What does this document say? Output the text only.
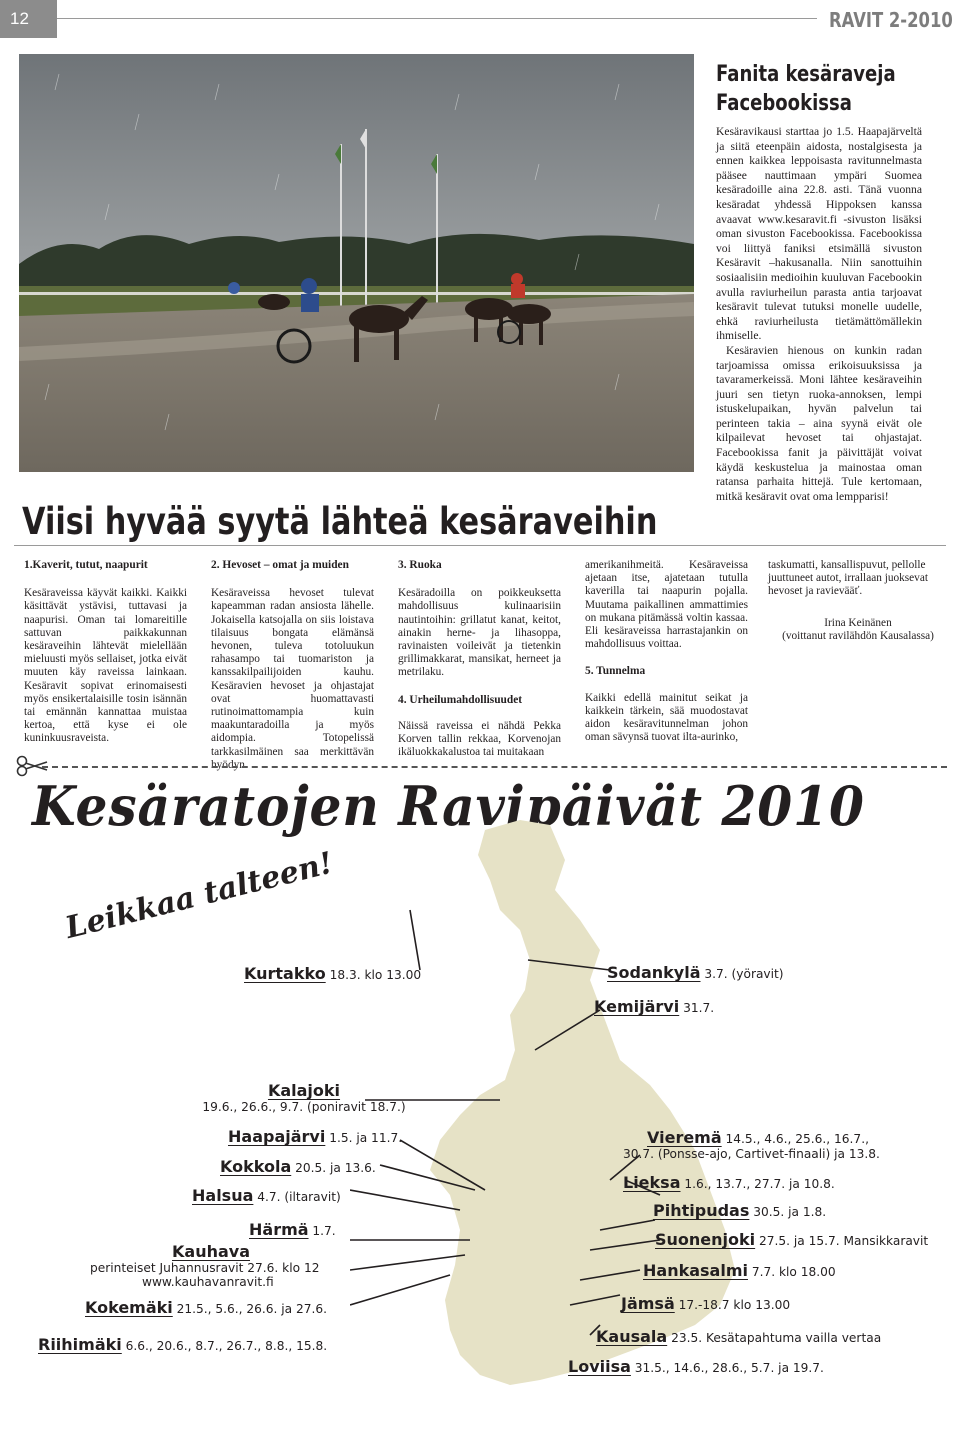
12	RAVIT 2-2010
Fanita kesäraveja
Facebookissa

Kesäravikausi starttaa jo 1.5. Haapajärveltä ja siitä eteenpäin aidosta, nostalgisesta ja ennen kaikkea leppoisasta ravitunnelmasta pääsee nauttimaan ympäri Suomea kesäradoille aina 22.8. asti. Tänä vuonna kesäradat yhdessä Hippoksen kanssa avaavat www.kesaravit.fi -sivuston lisäksi oman sivuston Facebookissa. Facebookissa voi liittyä faniksi etsimällä sivuston Kesäravit –hakusanalla. Niin sanottuihin sosiaalisiin medioihin kuuluvan Facebookin avulla raviurheilun parasta antia tarjoavat kesäravit tulevat tutuksi monelle uudelle, ehkä raviurheilusta tietämättömällekin ihmiselle.

Kesäravien hienous on kunkin radan tarjoamissa omissa erikoisuuksissa ja tavaramerkeissä. Moni lähtee kesäraveihin juuri sen tietyn ruoka-annoksen, lempi istuskelupaikan, hyvän palvelun tai perinteen takia – aina syynä eivät ole kilpailevat hevoset tai ohjastajat. Facebookissa fanit ja päivittäjät voivat käydä keskustelua ja mainostaa oman ratansa parhaita hittejä. Tule kertomaan, mitkä kesäravit ovat oma lempparisi!

Viisi hyvää syytä lähteä kesäraveihin
1.Kaverit, tutut, naapurit

Kesäraveissa käyvät kaikki. Kaikki käsittävät ystävisi, tuttavasi ja naapurisi. Oman tai lomareitille sattuvan paikkakunnan kesäraveihin lähtevät mielellään mieluusti myös sellaiset, jotka eivät muuten käy raveissa lainkaan. Kesäravit sopivat erinomaisesti myös ensikertalaisille tosin isännän tai emännän kannattaa muistaa kertoa, että kyse ei ole kuninkuusraveista.

2. Hevoset – omat ja muiden

Kesäraveissa hevoset tulevat kapeamman radan ansiosta lähelle. Jokaisella katsojalla on siis loistava tilaisuus bongata elämänsä hevonen, tuleva totoluukun rahasampo tai tuomariston ja kanssakilpailijoiden kauhu. Kesäravien hevoset ja ohjastajat ovat huomattavasti rutinoimattomampia kuin maakuntaradoilla ja myös aidompia. Totopelissä tarkkasilmäinen saa merkittävän hyödyn.

3. Ruoka

Kesäradoilla on poikkeuksetta mahdollisuus kulinaarisiin nautintoihin: grillatut kanat, keitot, ainakin herne- ja lihasoppa, ravinaisten voileivät ja tietenkin grillimakkarat, mansikat, herneet ja metrilaku.

4. Urheilumahdollisuudet

Näissä raveissa ei nähdä Pekka Korven tallin rekkaa, Korvenojan ikäluokkakalustoa tai muitakaan

amerikanihmeitä. Kesäraveissa ajetaan itse, ajatetaan tutulla kaverilla tai naapurin pojalla. Muutama paikallinen ammattimies on mukana pitämässä voltin kassaa. Eli kesäraveissa harrastajankin on mahdollisuus voittaa.

5. Tunnelma

Kaikki edellä mainitut seikat ja kaikkein tärkein, sää muodostavat aidon kesäravitunnelman johon oman sävynsä tuovat ilta-aurinko,

taskumatti, kansallispuvut, pellolle juuttuneet autot, irrallaan juoksevat hevoset ja ravievääť.

Irina Keinänen
(voittanut ravilähdön Kausalassa)
Kesäratojen Ravipäivät 2010
Leikkaa talteen!
Kurtakko 18.3. klo 13.00
Kalajoki
19.6., 26.6., 9.7. (poniravit 18.7.)
Haapajärvi 1.5. ja 11.7.
Kokkola 20.5. ja 13.6.
Halsua 4.7. (iltaravit)
Härmä 1.7.
Kauhava
perinteiset Juhannusravit 27.6. klo 12
www.kauhavanravit.fi
Kokemäki 21.5., 5.6., 26.6. ja 27.6.
Riihimäki 6.6., 20.6., 8.7., 26.7., 8.8., 15.8.
Sodankylä 3.7. (yöravit)
Kemijärvi 31.7.
Vieremä 14.5., 4.6., 25.6., 16.7.,
30.7. (Ponsse-ajo, Cartivet-finaali) ja 13.8.
Lieksa 1.6., 13.7., 27.7. ja 10.8.
Pihtipudas 30.5. ja 1.8.
Suonenjoki 27.5. ja 15.7. Mansikkaravit
Hankasalmi 7.7. klo 18.00
Jämsä 17.-18.7 klo 13.00
Kausala 23.5. Kesätapahtuma vailla vertaa
Loviisa 31.5., 14.6., 28.6., 5.7. ja 19.7.
